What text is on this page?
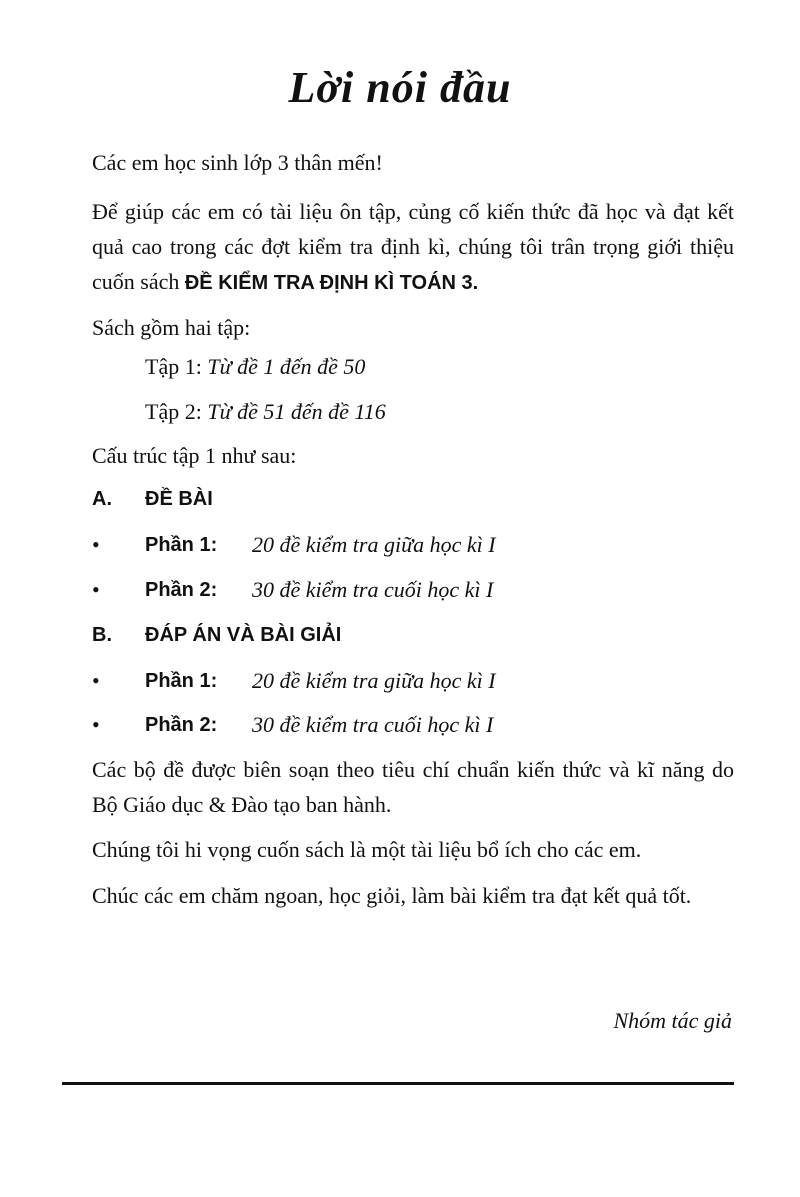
Lời nói đầu
Các em học sinh lớp 3 thân mến!
Để giúp các em có tài liệu ôn tập, củng cố kiến thức đã học và đạt kết quả cao trong các đợt kiểm tra định kì, chúng tôi trân trọng giới thiệu cuốn sách ĐỀ KIỂM TRA ĐỊNH KÌ TOÁN 3.
Sách gồm hai tập:
Tập 1: Từ đề 1 đến đề 50
Tập 2: Từ đề 51 đến đề 116
Cấu trúc tập 1 như sau:
A. ĐỀ BÀI
• Phần 1: 20 đề kiểm tra giữa học kì I
• Phần 2: 30 đề kiểm tra cuối học kì I
B. ĐÁP ÁN VÀ BÀI GIẢI
• Phần 1: 20 đề kiểm tra giữa học kì I
• Phần 2: 30 đề kiểm tra cuối học kì I
Các bộ đề được biên soạn theo tiêu chí chuẩn kiến thức và kĩ năng do Bộ Giáo dục & Đào tạo ban hành.
Chúng tôi hi vọng cuốn sách là một tài liệu bổ ích cho các em.
Chúc các em chăm ngoan, học giỏi, làm bài kiểm tra đạt kết quả tốt.
Nhóm tác giả
